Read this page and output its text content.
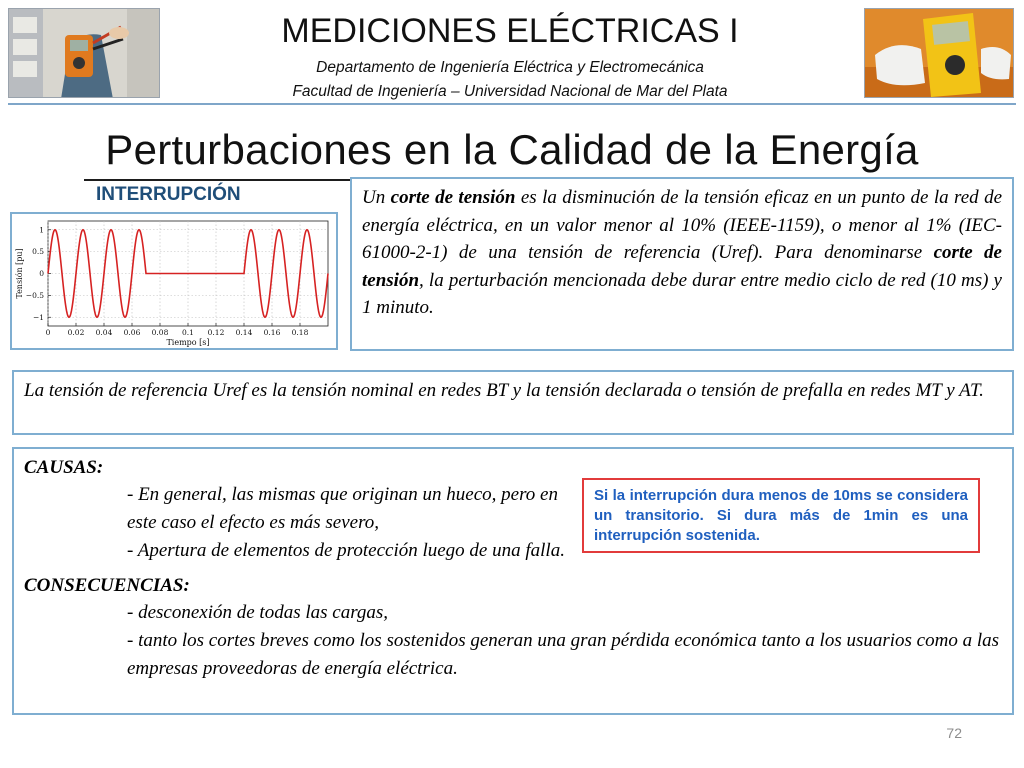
MEDICIONES ELÉCTRICAS I
Departamento de Ingeniería Eléctrica y Electromecánica
Facultad de Ingeniería – Universidad Nacional de Mar del Plata
Perturbaciones en la Calidad de la Energía
INTERRUPCIÓN
0 0.02 0.04 0.06 0.08 0.1 0.12 0.14 0.16 0.18
−1
−0.5
0
0.5
1
Tiempo [s]
Tensión [pu]

Un corte de tensión es la disminución de la tensión eficaz en un punto de la red de energía eléctrica, en un valor menor al 10% (IEEE-1159), o menor al 1% (IEC-61000-2-1) de una tensión de referencia (Uref). Para denominarse corte de tensión, la perturbación mencionada debe durar entre medio ciclo de red (10 ms) y 1 minuto.

La tensión de referencia Uref es la tensión nominal en redes BT y la tensión declarada o tensión de prefalla en redes MT y AT.

CAUSAS:
- En general, las mismas que originan un hueco, pero en este caso el efecto es más severo,
- Apertura de elementos de protección luego de una falla.
CONSECUENCIAS:
- desconexión de todas las cargas,
- tanto los cortes breves como los sostenidos generan una gran pérdida económica tanto a los usuarios como a las empresas proveedoras de energía eléctrica.
Si la interrupción dura menos de 10ms se considera un transitorio. Si dura más de 1min es una interrupción sostenida.
72
